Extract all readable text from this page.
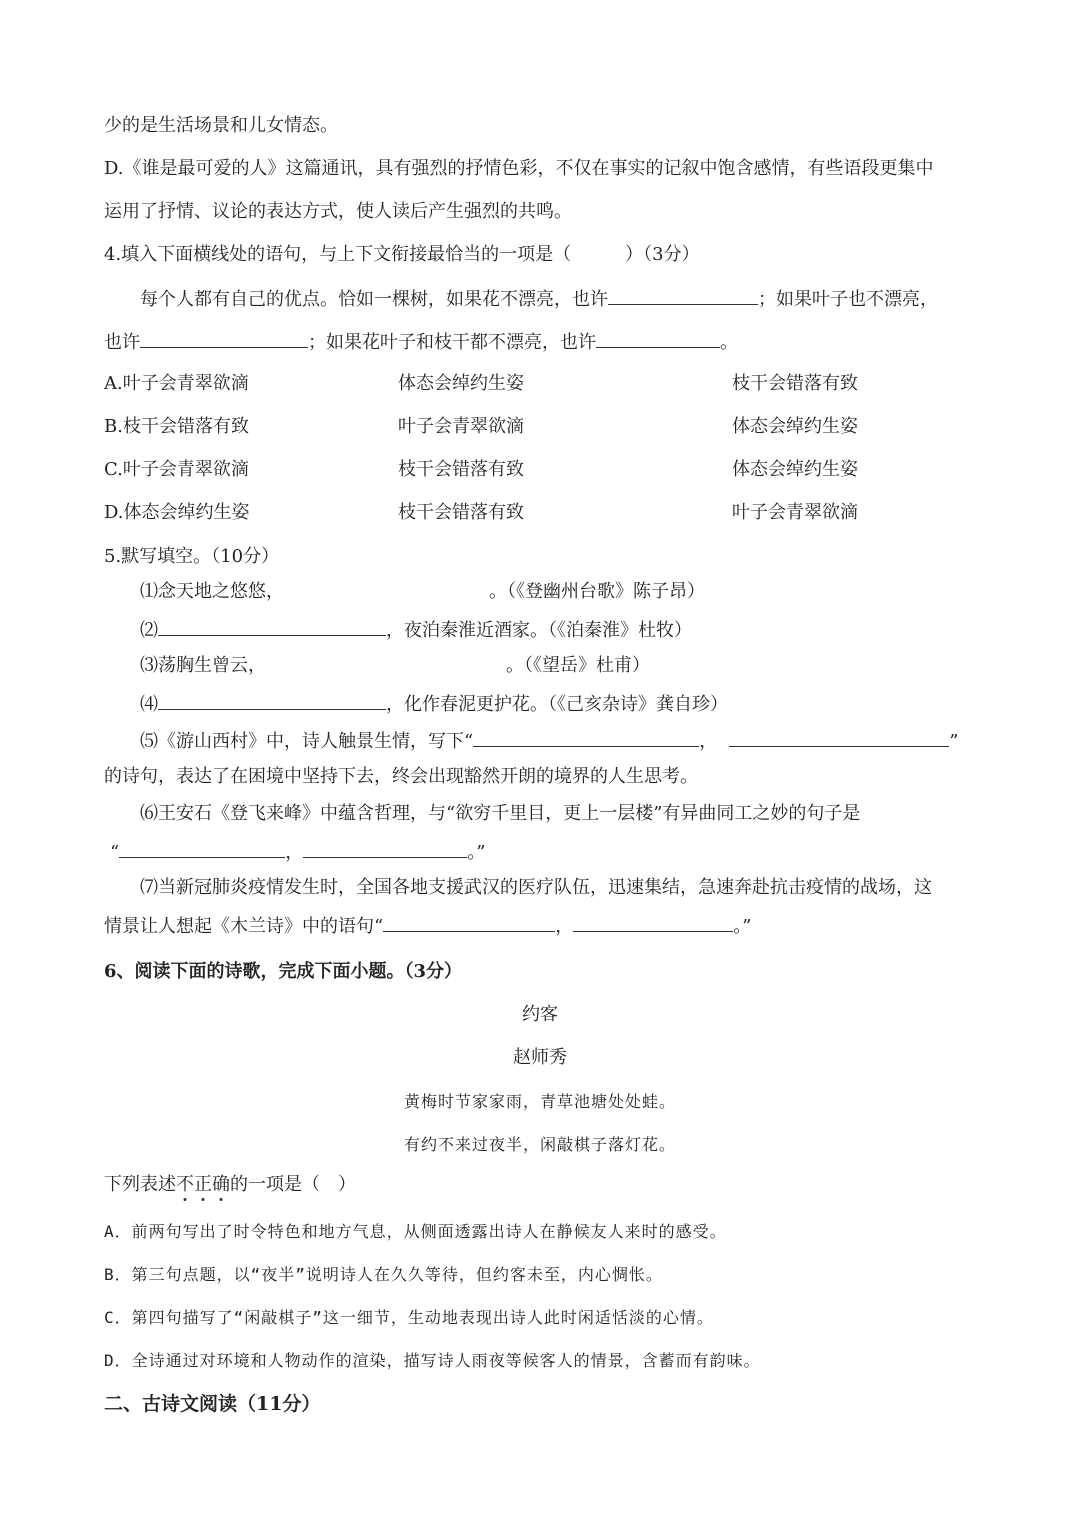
少的是生活场景和儿女情态。
D.《谁是最可爱的人》这篇通讯，具有强烈的抒情色彩，不仅在事实的记叙中饱含感情，有些语段更集中
运用了抒情、议论的表达方式，使人读后产生强烈的共鸣。
4.填入下面横线处的语句，与上下文衔接最恰当的一项是（　　　）（3分）
每个人都有自己的优点。恰如一棵树，如果花不漂亮，也许	；如果叶子也不漂亮，
也许	；如果花叶子和枝干都不漂亮，也许	。
A.叶子会青翠欲滴	体态会绰约生姿	枝干会错落有致
B.枝干会错落有致	叶子会青翠欲滴	体态会绰约生姿
C.叶子会青翠欲滴	枝干会错落有致	体态会绰约生姿
D.体态会绰约生姿	枝干会错落有致	叶子会青翠欲滴
5.默写填空。（10分）
⑴念天地之悠悠，	。（《登幽州台歌》陈子昂）
⑵	，夜泊秦淮近酒家。（《泊秦淮》杜牧）
⑶荡胸生曾云，	。（《望岳》杜甫）
⑷	，化作春泥更护花。（《己亥杂诗》龚自珍）
⑸《游山西村》中，诗人触景生情，写下“	，	”
的诗句，表达了在困境中坚持下去，终会出现豁然开朗的境界的人生思考。
⑹王安石《登飞来峰》中蕴含哲理，与“欲穷千里目，更上一层楼”有异曲同工之妙的句子是
“	，	。”
⑺当新冠肺炎疫情发生时，全国各地支援武汉的医疗队伍，迅速集结，急速奔赴抗击疫情的战场，这
情景让人想起《木兰诗》中的语句“	，	。”
6、阅读下面的诗歌，完成下面小题。（3分）
约客
赵师秀
黄梅时节家家雨，青草池塘处处蛙。
有约不来过夜半，闲敲棋子落灯花。
下列表述不正确的一项是（　）
A．前两句写出了时令特色和地方气息，从侧面透露出诗人在静候友人来时的感受。
B．第三句点题，以“夜半”说明诗人在久久等待，但约客未至，内心惆怅。
C．第四句描写了“闲敲棋子”这一细节，生动地表现出诗人此时闲适恬淡的心情。
D．全诗通过对环境和人物动作的渲染，描写诗人雨夜等候客人的情景，含蓄而有韵味。
二、古诗文阅读（11分）
